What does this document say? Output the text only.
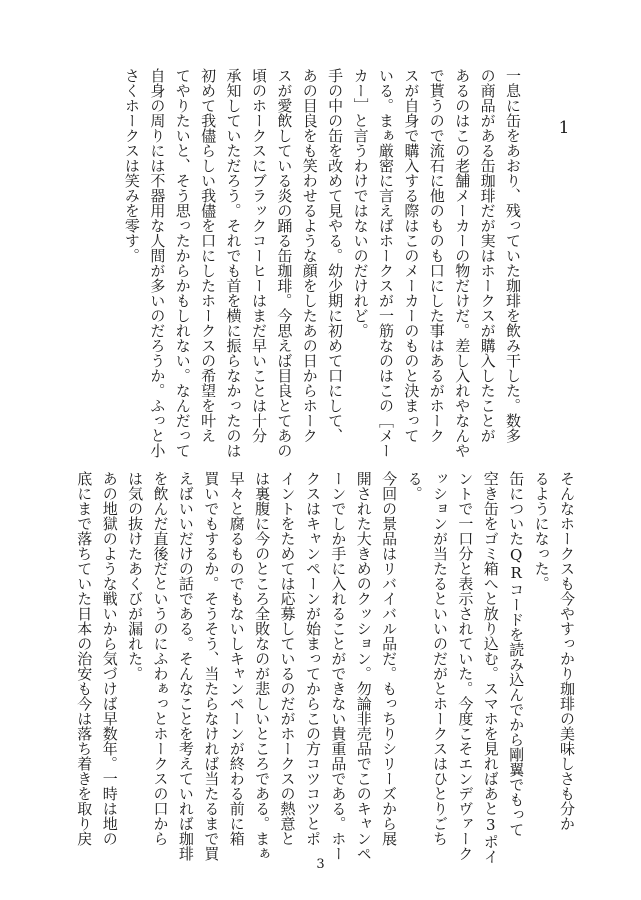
1

一息に缶をあおり、残っていた珈琲を飲み干した。数多

の商品がある缶珈琲だが実はホークスが購入したことが

あるのはこの老舗メーカーの物だけだ。差し入れやなんや

で貰うので流石に他のものも口にした事はあるがホーク

スが自身で購入する際はこのメーカーのものと決まって

いる。まぁ厳密に言えばホークスが一筋なのはこの［メー

カー］と言うわけではないのだけれど。

手の中の缶を改めて見やる。幼少期に初めて口にして、

あの目良をも笑わせるような顔をしたあの日からホーク

スが愛飲している炎の踊る缶珈琲。今思えば目良とてあの

頃のホークスにブラックコーヒーはまだ早いことは十分

承知していただろう。それでも首を横に振らなかったのは

初めて我儘らしい我儘を口にしたホークスの希望を叶え

てやりたいと、そう思ったからかもしれない。なんだって

自身の周りには不器用な人間が多いのだろうか。ふっと小

さくホークスは笑みを零す。

そんなホークスも今やすっかり珈琲の美味しさも分か

るようになった。

缶についたQRコードを読み込んでから剛翼でもって

空き缶をゴミ箱へと放り込む。スマホを見ればあと3ポイ

ントで一口分と表示されていた。今度こそエンデヴァーク

ッションが当たるといいのだがとホークスはひとりごち

る。

今回の景品はリバイバル品だ。もっちりシリーズから展

開された大きめのクッション。勿論非売品でこのキャンペ

ーンでしか手に入れることができない貴重品である。ホー

クスはキャンペーンが始まってからこの方コツコツとポ

イントをためては応募しているのだがホークスの熱意と

は裏腹に今のところ全敗なのが悲しいところである。まぁ

早々と腐るものでもないしキャンペーンが終わる前に箱

買いでもするか。そうそう、当たらなければ当たるまで買

えばいいだけの話である。そんなことを考えていれば珈琲

を飲んだ直後だというのにふわぁっとホークスの口から

は気の抜けたあくびが漏れた。

あの地獄のような戦いから気づけば早数年。一時は地の

底にまで落ちていた日本の治安も今は落ち着きを取り戻

3
